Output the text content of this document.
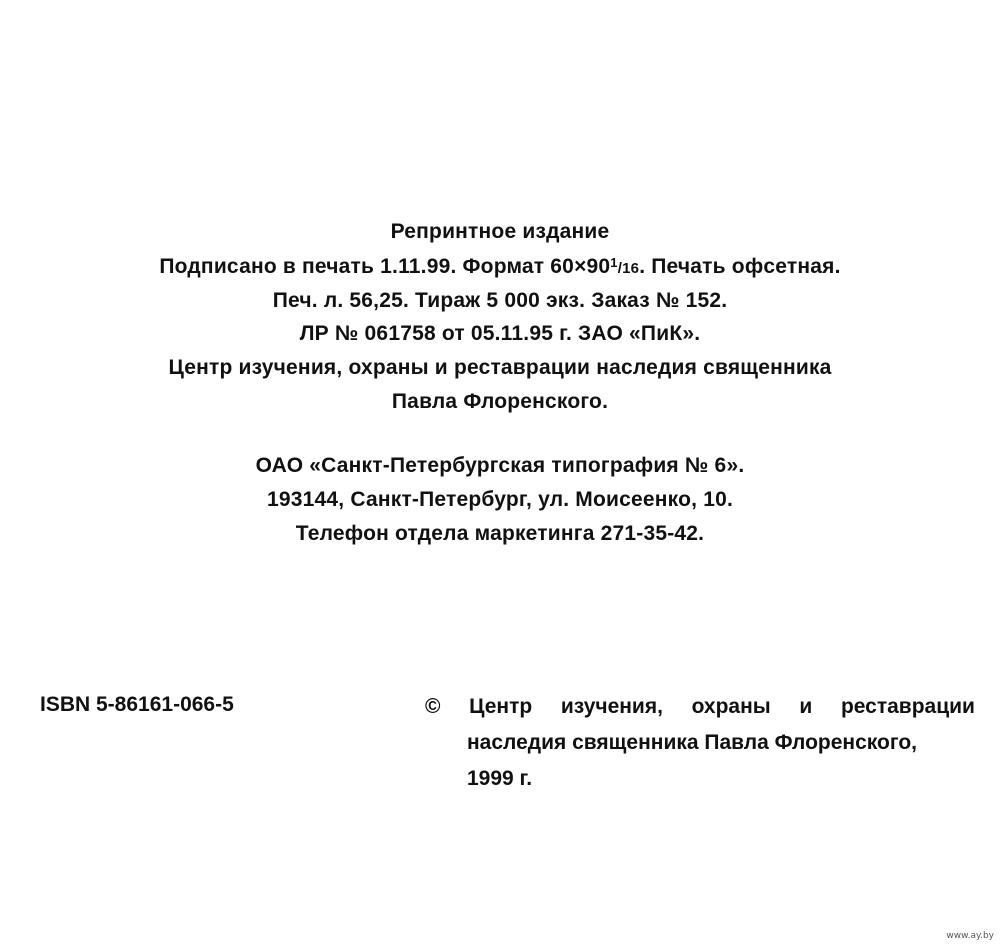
Репринтное издание
Подписано в печать 1.11.99. Формат $60\times 90^1/16$. Печать офсетная.
Печ. л. 56,25. Тираж 5 000 экз. Заказ № 152.
ЛР № 061758 от 05.11.95 г. ЗАО «ПиК».
Центр изучения, охраны и реставрации наследия священника
Павла Флоренского.
ОАО «Санкт-Петербургская типография № 6».
193144, Санкт-Петербург, ул. Моисеенко, 10.
Телефон отдела маркетинга 271-35-42.
ISBN 5-86161-066-5	© Центр изучения, охраны и реставрации
наследия священника Павла Флоренского,
1999 г.
www.ay.by
